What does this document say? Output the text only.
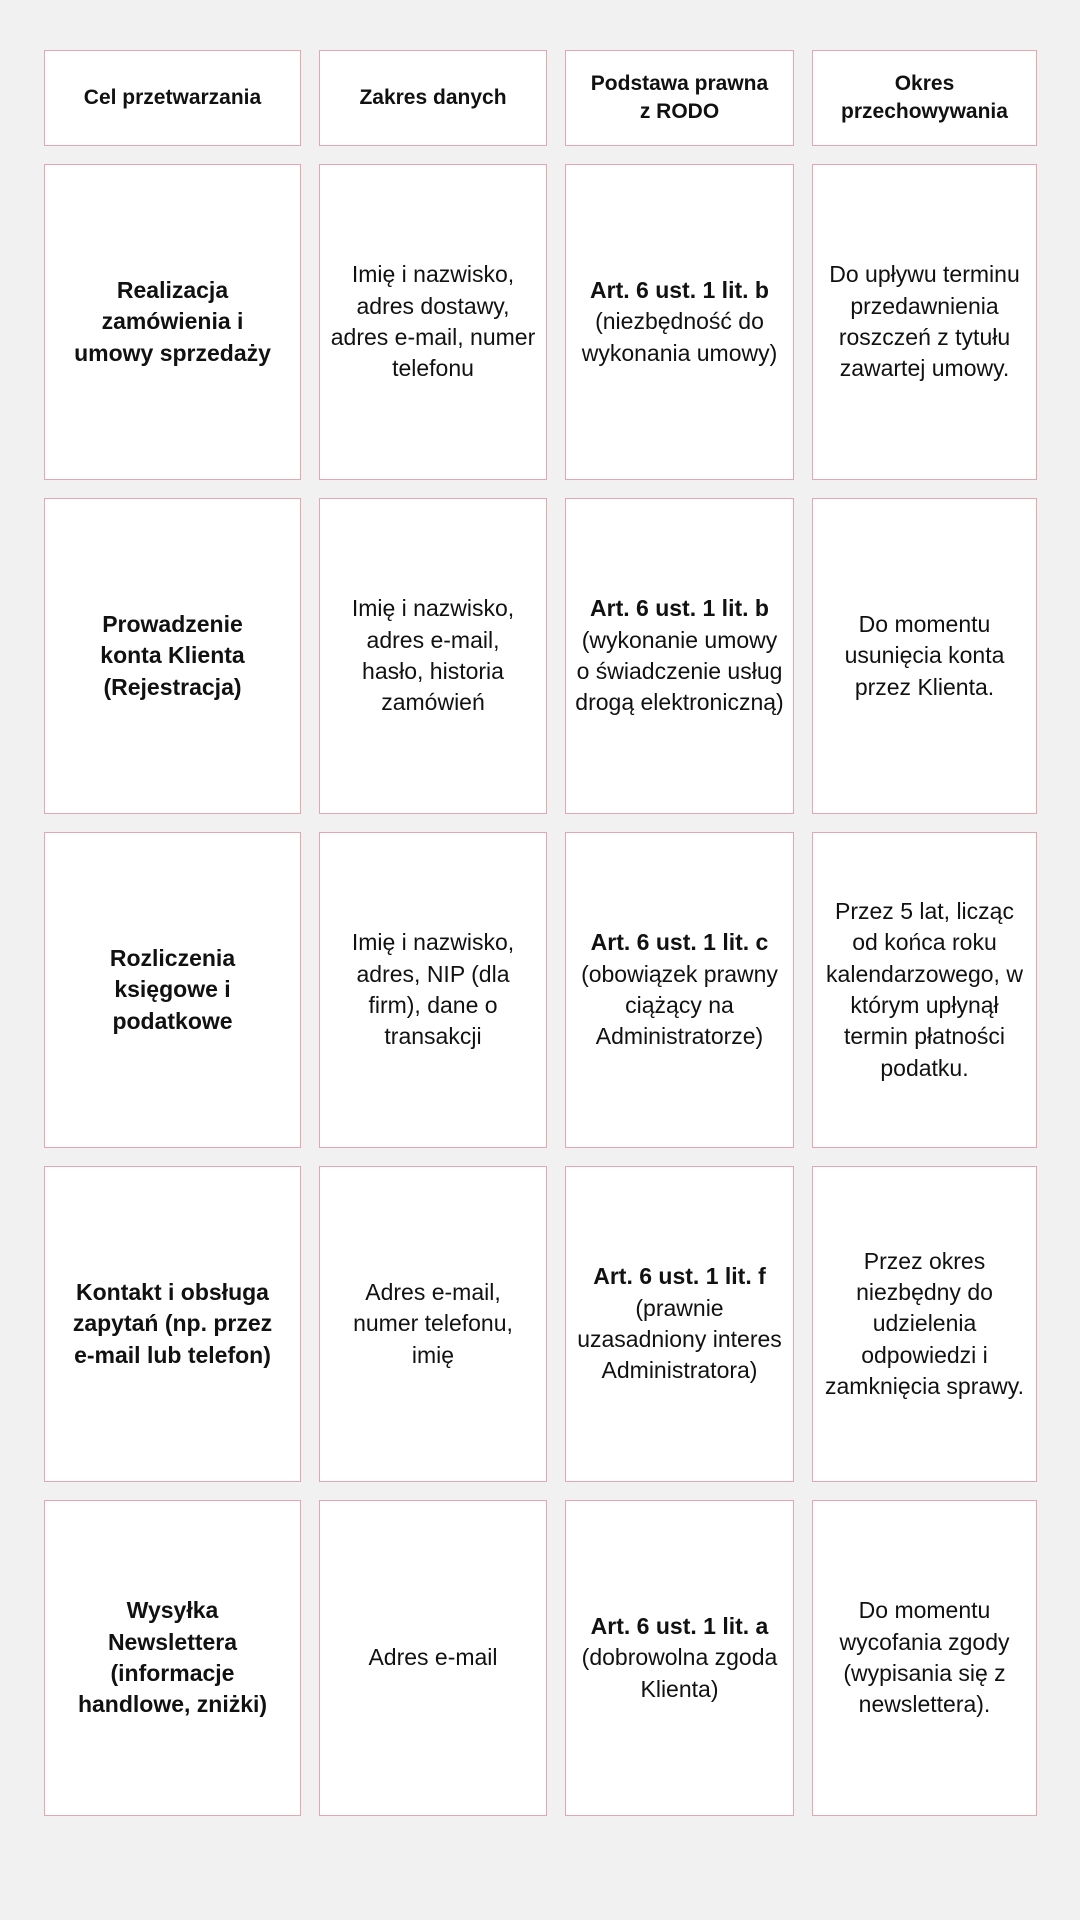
Cel przetwarzania	Zakres danych
Podstawa prawna z RODO
Okres przechowywania
Realizacja zamówienia i umowy sprzedaży
Imię i nazwisko, adres dostawy, adres e-mail, numer telefonu
Art. 6 ust. 1 lit. b (niezbędność do wykonania umowy)
Do upływu terminu przedawnienia roszczeń z tytułu zawartej umowy.
Prowadzenie konta Klienta (Rejestracja)
Imię i nazwisko, adres e-mail, hasło, historia zamówień
Art. 6 ust. 1 lit. b (wykonanie umowy o świadczenie usług drogą elektroniczną)
Do momentu usunięcia konta przez Klienta.
Rozliczenia księgowe i podatkowe
Imię i nazwisko, adres, NIP (dla firm), dane o transakcji
Art. 6 ust. 1 lit. c (obowiązek prawny ciążący na Administratorze)
Przez 5 lat, licząc od końca roku kalendarzowego, w którym upłynął termin płatności podatku.
Kontakt i obsługa zapytań (np. przez e-mail lub telefon)
Adres e-mail, numer telefonu, imię
Art. 6 ust. 1 lit. f (prawnie uzasadniony interes Administratora)
Przez okres niezbędny do udzielenia odpowiedzi i zamknięcia sprawy.
Wysyłka Newslettera (informacje handlowe, zniżki)
Adres e-mail
Art. 6 ust. 1 lit. a (dobrowolna zgoda Klienta)
Do momentu wycofania zgody (wypisania się z newslettera).
